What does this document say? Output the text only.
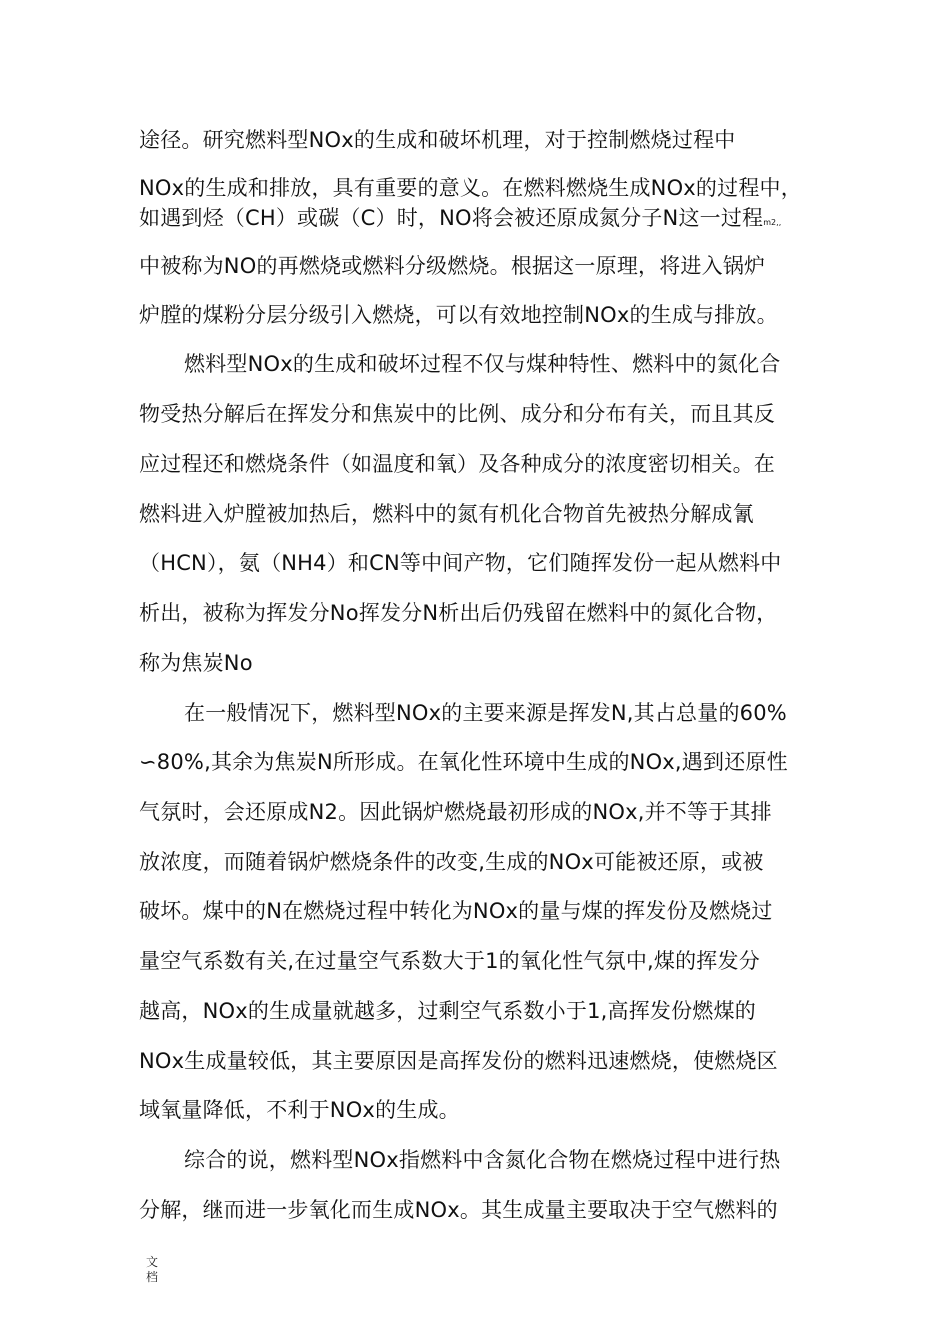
途径。研究燃料型NOx的生成和破坏机理，对于控制燃烧过程中
NOx的生成和排放，具有重要的意义。在燃料燃烧生成NOx的过程中，
如遇到烃（CH）或碳（C）时，NO将会被还原成氮分子N这一过程m2,,
中被称为NO的再燃烧或燃料分级燃烧。根据这一原理，将进入锅炉
炉膛的煤粉分层分级引入燃烧，可以有效地控制NOx的生成与排放。
燃料型NOx的生成和破坏过程不仅与煤种特性、燃料中的氮化合
物受热分解后在挥发分和焦炭中的比例、成分和分布有关，而且其反
应过程还和燃烧条件（如温度和氧）及各种成分的浓度密切相关。在
燃料进入炉膛被加热后，燃料中的氮有机化合物首先被热分解成氰
（HCN），氨（NH4）和CN等中间产物，它们随挥发份一起从燃料中
析出，被称为挥发分No挥发分N析出后仍残留在燃料中的氮化合物，
称为焦炭No
在一般情况下，燃料型NOx的主要来源是挥发N,其占总量的60%
∽80%,其余为焦炭N所形成。在氧化性环境中生成的NOx,遇到还原性
气氛时，会还原成N2。因此锅炉燃烧最初形成的NOx,并不等于其排
放浓度，而随着锅炉燃烧条件的改变,生成的NOx可能被还原，或被
破坏。煤中的N在燃烧过程中转化为NOx的量与煤的挥发份及燃烧过
量空气系数有关,在过量空气系数大于1的氧化性气氛中,煤的挥发分
越高，NOx的生成量就越多，过剩空气系数小于1,高挥发份燃煤的
NOx生成量较低，其主要原因是高挥发份的燃料迅速燃烧，使燃烧区
域氧量降低，不利于NOx的生成。
综合的说，燃料型NOx指燃料中含氮化合物在燃烧过程中进行热
分解，继而进一步氧化而生成NOx。其生成量主要取决于空气燃料的
文
档
